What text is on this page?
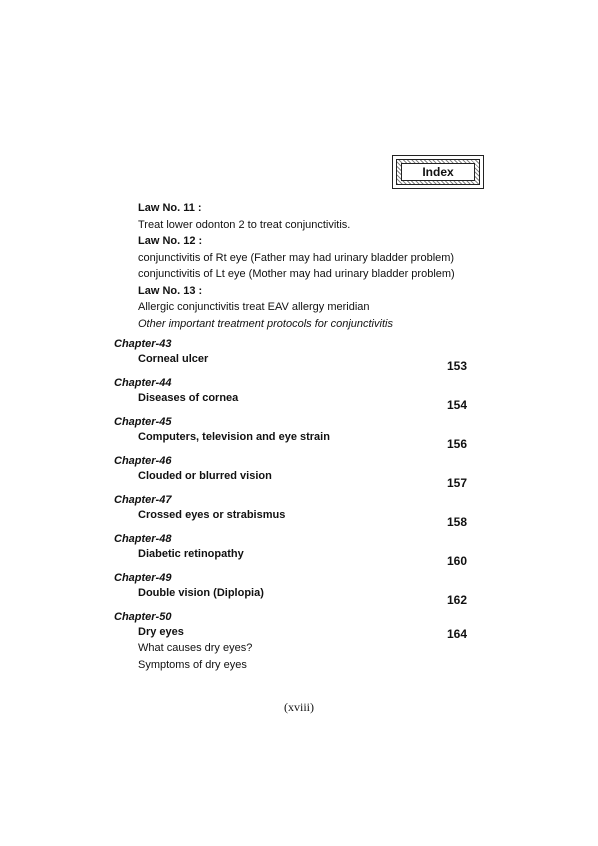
Index
Law No. 11 :
Treat lower odonton 2 to treat conjunctivitis.
Law No. 12 :
conjunctivitis of Rt eye (Father may had urinary bladder problem)
conjunctivitis of Lt eye (Mother may had urinary bladder problem)
Law No. 13 :
Allergic conjunctivitis treat EAV allergy meridian
Other important treatment protocols for conjunctivitis
Chapter-43
Corneal ulcer	153
Chapter-44
Diseases of cornea	154
Chapter-45
Computers, television and eye strain	156
Chapter-46
Clouded or blurred vision	157
Chapter-47
Crossed eyes or strabismus	158
Chapter-48
Diabetic retinopathy	160
Chapter-49
Double vision (Diplopia)	162
Chapter-50
Dry eyes	164
What causes dry eyes?
Symptoms of dry eyes
(xviii)
